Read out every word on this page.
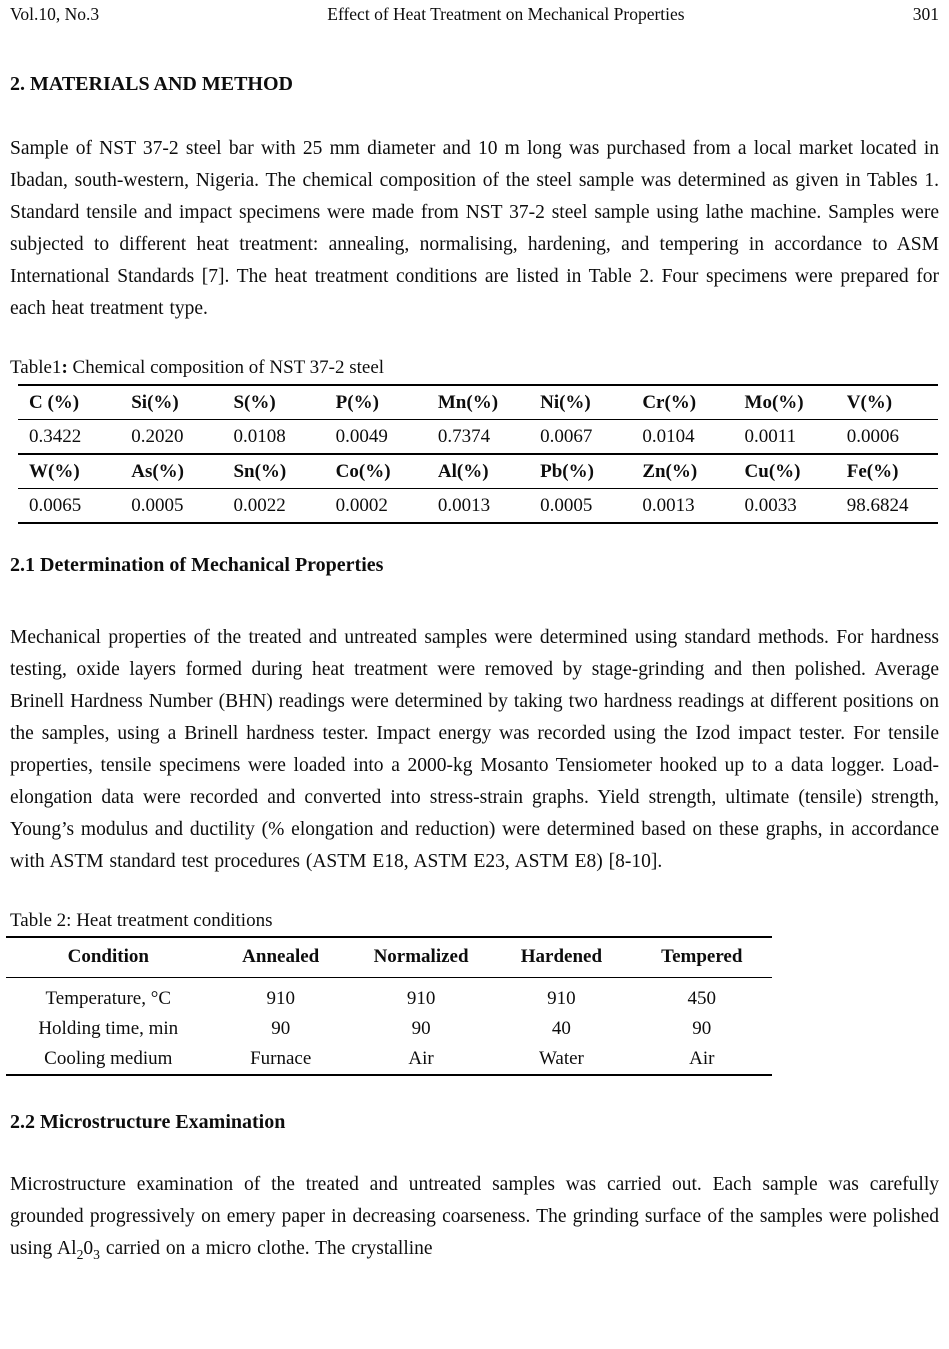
Vol.10, No.3	Effect of Heat Treatment on Mechanical Properties	301

2. MATERIALS AND METHOD

Sample of NST 37-2 steel bar with 25 mm diameter and 10 m long was purchased from a local market located in Ibadan, south-western, Nigeria. The chemical composition of the steel sample was determined as given in Tables 1. Standard tensile and impact specimens were made from NST 37-2 steel sample using lathe machine. Samples were subjected to different heat treatment: annealing, normalising, hardening, and tempering in accordance to ASM International Standards [7]. The heat treatment conditions are listed in Table 2. Four specimens were prepared for each heat treatment type.

Table1: Chemical composition of NST 37-2 steel

C (%)	Si(%)	S(%)	P(%)	Mn(%)	Ni(%)	Cr(%)	Mo(%)	V(%)
0.3422	0.2020	0.0108	0.0049	0.7374	0.0067	0.0104	0.0011	0.0006
W(%)	As(%)	Sn(%)	Co(%)	Al(%)	Pb(%)	Zn(%)	Cu(%)	Fe(%)
0.0065	0.0005	0.0022	0.0002	0.0013	0.0005	0.0013	0.0033	98.6824

2.1 Determination of Mechanical Properties

Mechanical properties of the treated and untreated samples were determined using standard methods. For hardness testing, oxide layers formed during heat treatment were removed by stage-grinding and then polished. Average Brinell Hardness Number (BHN) readings were determined by taking two hardness readings at different positions on the samples, using a Brinell hardness tester. Impact energy was recorded using the Izod impact tester. For tensile properties, tensile specimens were loaded into a 2000-kg Mosanto Tensiometer hooked up to a data logger. Load-elongation data were recorded and converted into stress-strain graphs. Yield strength, ultimate (tensile) strength, Young’s modulus and ductility (% elongation and reduction) were determined based on these graphs, in accordance with ASTM standard test procedures (ASTM E18, ASTM E23, ASTM E8) [8-10].

Table 2: Heat treatment conditions

Condition	Annealed	Normalized	Hardened	Tempered
Temperature, °C	910	910	910	450
Holding time, min	90	90	40	90
Cooling medium	Furnace	Air	Water	Air

2.2 Microstructure Examination

Microstructure examination of the treated and untreated samples was carried out. Each sample was carefully grounded progressively on emery paper in decreasing coarseness. The grinding surface of the samples were polished using $Al_20_3$ carried on a micro clothe. The crystalline
